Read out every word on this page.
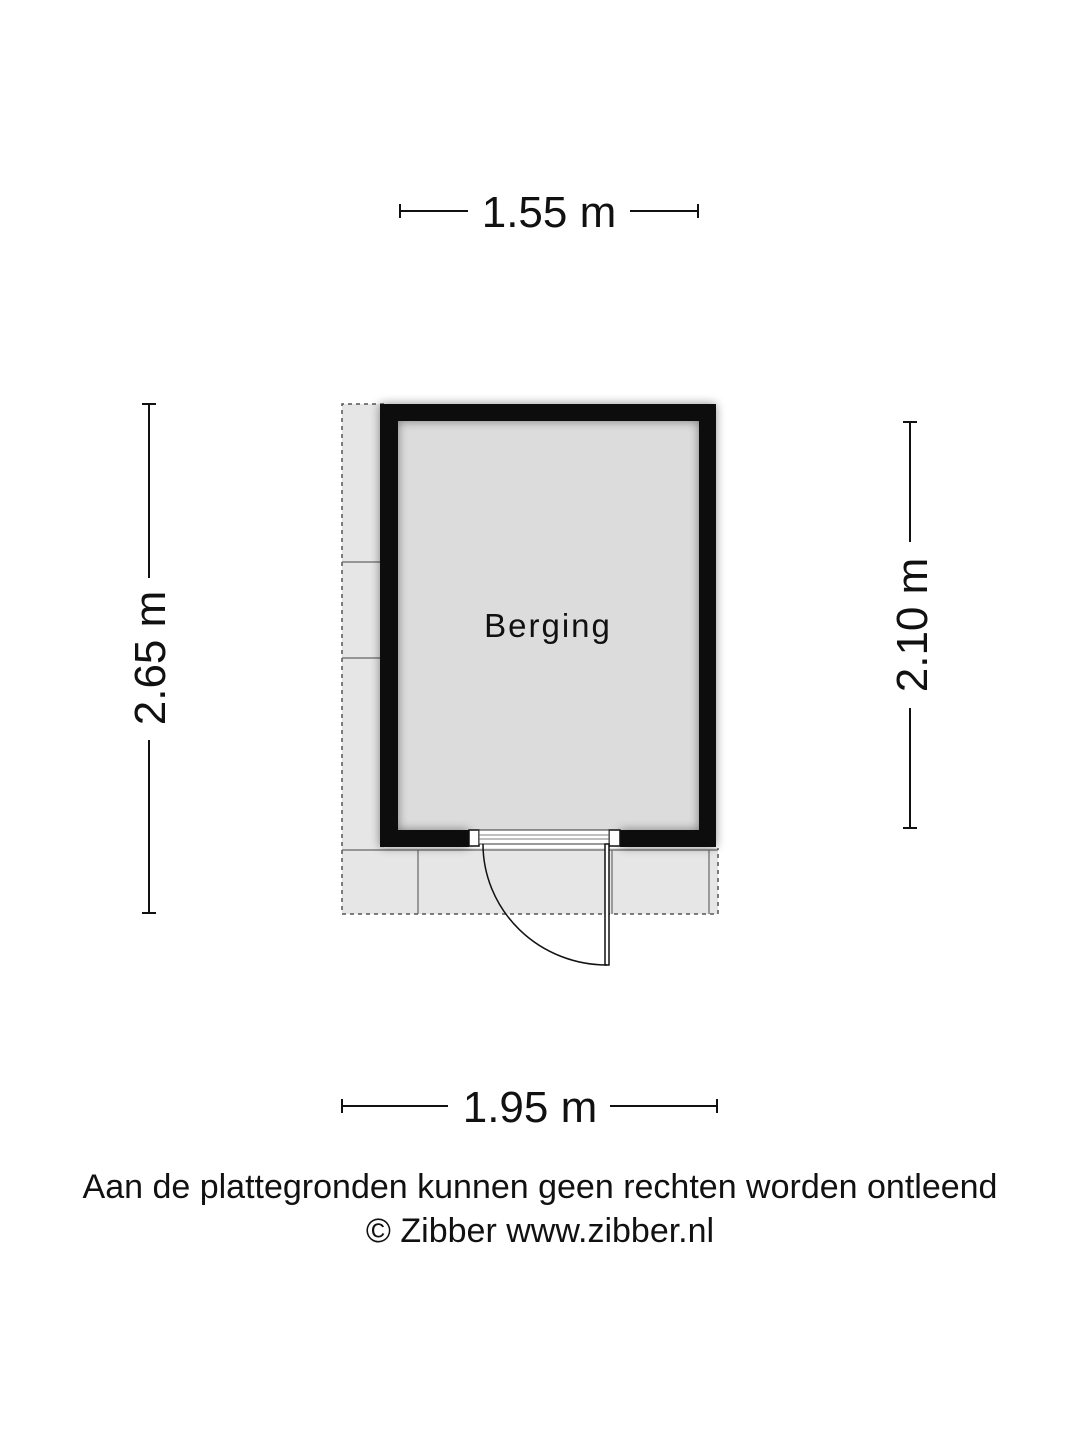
Berging
1.55 m
1.95 m
2.65 m	2.10 m
Aan de plattegronden kunnen geen rechten worden ontleend
© Zibber www.zibber.nl
